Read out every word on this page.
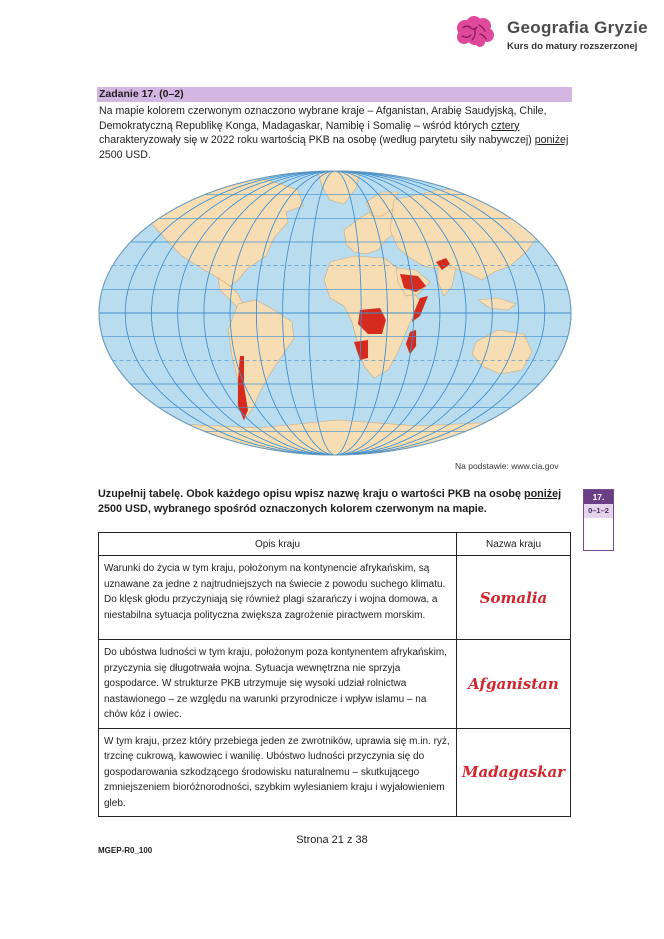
Geografia Gryzie
Kurs do matury rozszerzonej
Zadanie 17. (0–2)
Na mapie kolorem czerwonym oznaczono wybrane kraje – Afganistan, Arabię Saudyjską, Chile, Demokratyczną Republikę Konga, Madagaskar, Namibię i Somalię – wśród których cztery charakteryzowały się w 2022 roku wartością PKB na osobę (według parytetu siły nabywczej) poniżej 2500 USD.
Na podstawie: www.cia.gov
Uzupełnij tabelę. Obok każdego opisu wpisz nazwę kraju o wartości PKB na osobę poniżej 2500 USD, wybranego spośród oznaczonych kolorem czerwonym na mapie.
17.
0–1–2
Opis kraju	Nazwa kraju
Warunki do życia w tym kraju, położonym na kontynencie afrykańskim, są uznawane za jedne z najtrudniejszych na świecie z powodu suchego klimatu. Do klęsk głodu przyczyniają się również plagi szarańczy i wojna domowa, a niestabilna sytuacja polityczna zwiększa zagrożenie piractwem morskim.	Somalia
Do ubóstwa ludności w tym kraju, położonym poza kontynentem afrykańskim, przyczynia się długotrwała wojna. Sytuacja wewnętrzna nie sprzyja gospodarce. W strukturze PKB utrzymuje się wysoki udział rolnictwa nastawionego – ze względu na warunki przyrodnicze i wpływ islamu – na chów kóz i owiec.	Afganistan
W tym kraju, przez który przebiega jeden ze zwrotników, uprawia się m.in. ryż, trzcinę cukrową, kawowiec i wanilię. Ubóstwo ludności przyczynia się do gospodarowania szkodzącego środowisku naturalnemu – skutkującego zmniejszeniem bioróżnorodności, szybkim wylesianiem kraju i wyjałowieniem gleb.	Madagaskar
Strona 21 z 38
MGEP-R0_100
